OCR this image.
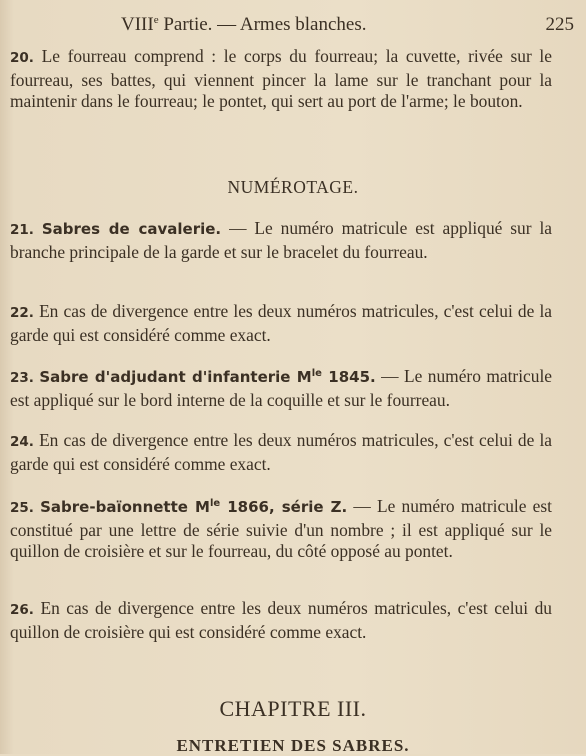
VIIIe Partie. — Armes blanches.	225
20. Le fourreau comprend : le corps du fourreau; la cuvette, rivée sur le fourreau, ses battes, qui viennent pincer la lame sur le tranchant pour la maintenir dans le fourreau; le pontet, qui sert au port de l'arme; le bouton.
NUMÉROTAGE.
21. Sabres de cavalerie. — Le numéro matricule est appliqué sur la branche principale de la garde et sur le bracelet du fourreau.
22. En cas de divergence entre les deux numéros matricules, c'est celui de la garde qui est considéré comme exact.
23. Sabre d'adjudant d'infanterie $M^{le}$ 1845. — Le numéro matricule est appliqué sur le bord interne de la coquille et sur le fourreau.
24. En cas de divergence entre les deux numéros matricules, c'est celui de la garde qui est considéré comme exact.
25. Sabre-baïonnette $M^{le}$ 1866, série Z. — Le numéro matricule est constitué par une lettre de série suivie d'un nombre ; il est appliqué sur le quillon de croisière et sur le fourreau, du côté opposé au pontet.
26. En cas de divergence entre les deux numéros matricules, c'est celui du quillon de croisière qui est considéré comme exact.
CHAPITRE III.
ENTRETIEN DES SABRES.
